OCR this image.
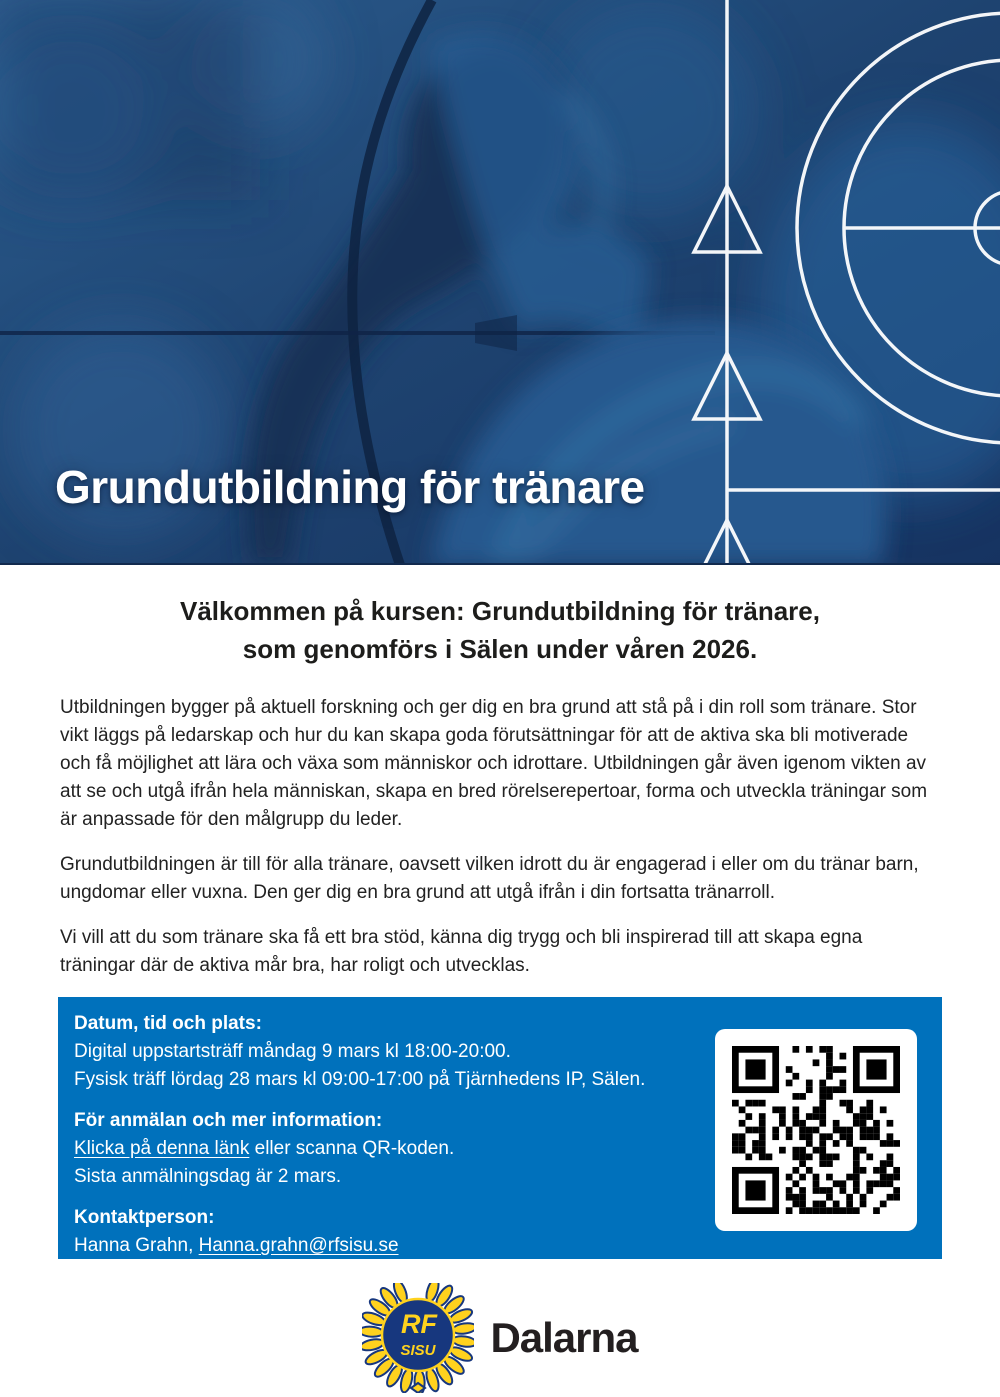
Grundutbildning för tränare
Välkommen på kursen: Grundutbildning för tränare,
som genomförs i Sälen under våren 2026.

Utbildningen bygger på aktuell forskning och ger dig en bra grund att stå på i din roll som tränare. Stor vikt läggs på ledarskap och hur du kan skapa goda förutsättningar för att de aktiva ska bli motiverade och få möjlighet att lära och växa som människor och idrottare. Utbildningen går även igenom vikten av att se och utgå ifrån hela människan, skapa en bred rörelserepertoar, forma och utveckla träningar som är anpassade för den målgrupp du leder.

Grundutbildningen är till för alla tränare, oavsett vilken idrott du är engagerad i eller om du tränar barn, ungdomar eller vuxna. Den ger dig en bra grund att utgå ifrån i din fortsatta tränarroll.

Vi vill att du som tränare ska få ett bra stöd, känna dig trygg och bli inspirerad till att skapa egna träningar där de aktiva mår bra, har roligt och utvecklas.

Datum, tid och plats:
Digital uppstartsträff måndag 9 mars kl 18:00-20:00.
Fysisk träff lördag 28 mars kl 09:00-17:00 på Tjärnhedens IP, Sälen.
För anmälan och mer information:
Klicka på denna länk eller scanna QR-koden.
Sista anmälningsdag är 2 mars.
Kontaktperson:
Hanna Grahn, Hanna.grahn@rfsisu.se
RF
SISU Dalarna
